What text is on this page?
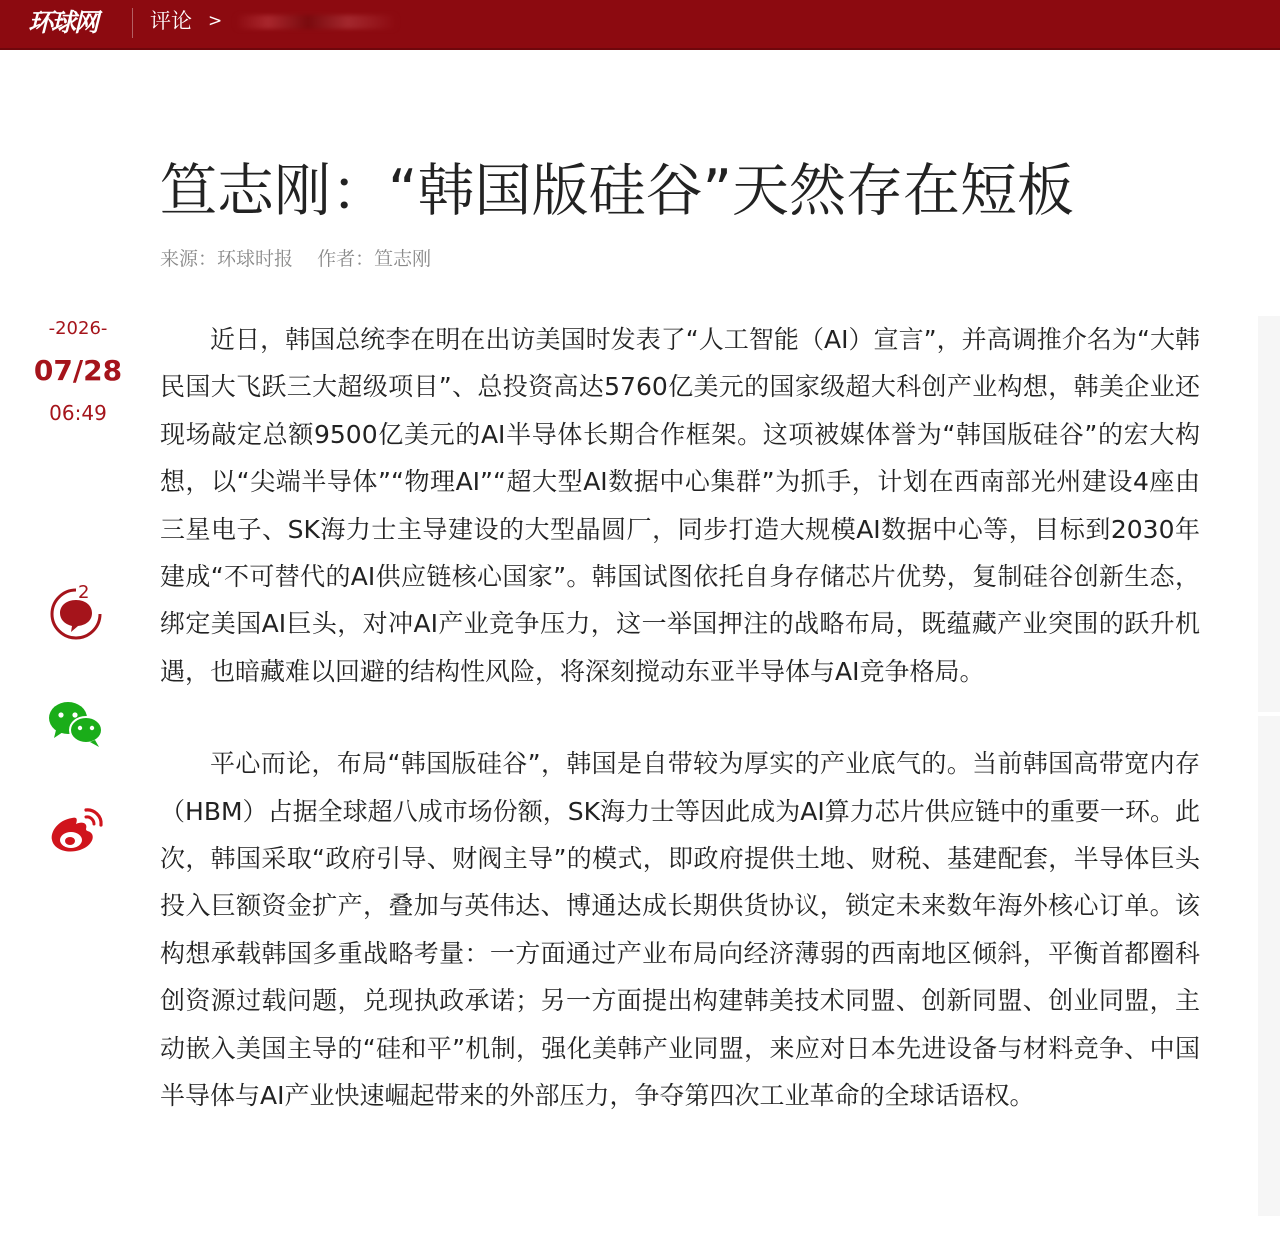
环球网	评论 >
笪志刚：“韩国版硅谷”天然存在短板
来源：环球时报 作者：笪志刚
-2026-
07/28
06:49
2

近日，韩国总统李在明在出访美国时发表了“人工智能（AI）宣言”，并高调推介名为“大韩民国大飞跃三大超级项目”、总投资高达5760亿美元的国家级超大科创产业构想，韩美企业还现场敲定总额9500亿美元的AI半导体长期合作框架。这项被媒体誉为“韩国版硅谷”的宏大构想，以“尖端半导体”“物理AI”“超大型AI数据中心集群”为抓手，计划在西南部光州建设4座由三星电子、SK海力士主导建设的大型晶圆厂，同步打造大规模AI数据中心等，目标到2030年建成“不可替代的AI供应链核心国家”。韩国试图依托自身存储芯片优势，复制硅谷创新生态，绑定美国AI巨头，对冲AI产业竞争压力，这一举国押注的战略布局，既蕴藏产业突围的跃升机遇，也暗藏难以回避的结构性风险，将深刻搅动东亚半导体与AI竞争格局。

平心而论，布局“韩国版硅谷”，韩国是自带较为厚实的产业底气的。当前韩国高带宽内存（HBM）占据全球超八成市场份额，SK海力士等因此成为AI算力芯片供应链中的重要一环。此次，韩国采取“政府引导、财阀主导”的模式，即政府提供土地、财税、基建配套，半导体巨头投入巨额资金扩产，叠加与英伟达、博通达成长期供货协议，锁定未来数年海外核心订单。该构想承载韩国多重战略考量：一方面通过产业布局向经济薄弱的西南地区倾斜，平衡首都圈科创资源过载问题，兑现执政承诺；另一方面提出构建韩美技术同盟、创新同盟、创业同盟，主动嵌入美国主导的“硅和平”机制，强化美韩产业同盟，来应对日本先进设备与材料竞争、中国半导体与AI产业快速崛起带来的外部压力，争夺第四次工业革命的全球话语权。
